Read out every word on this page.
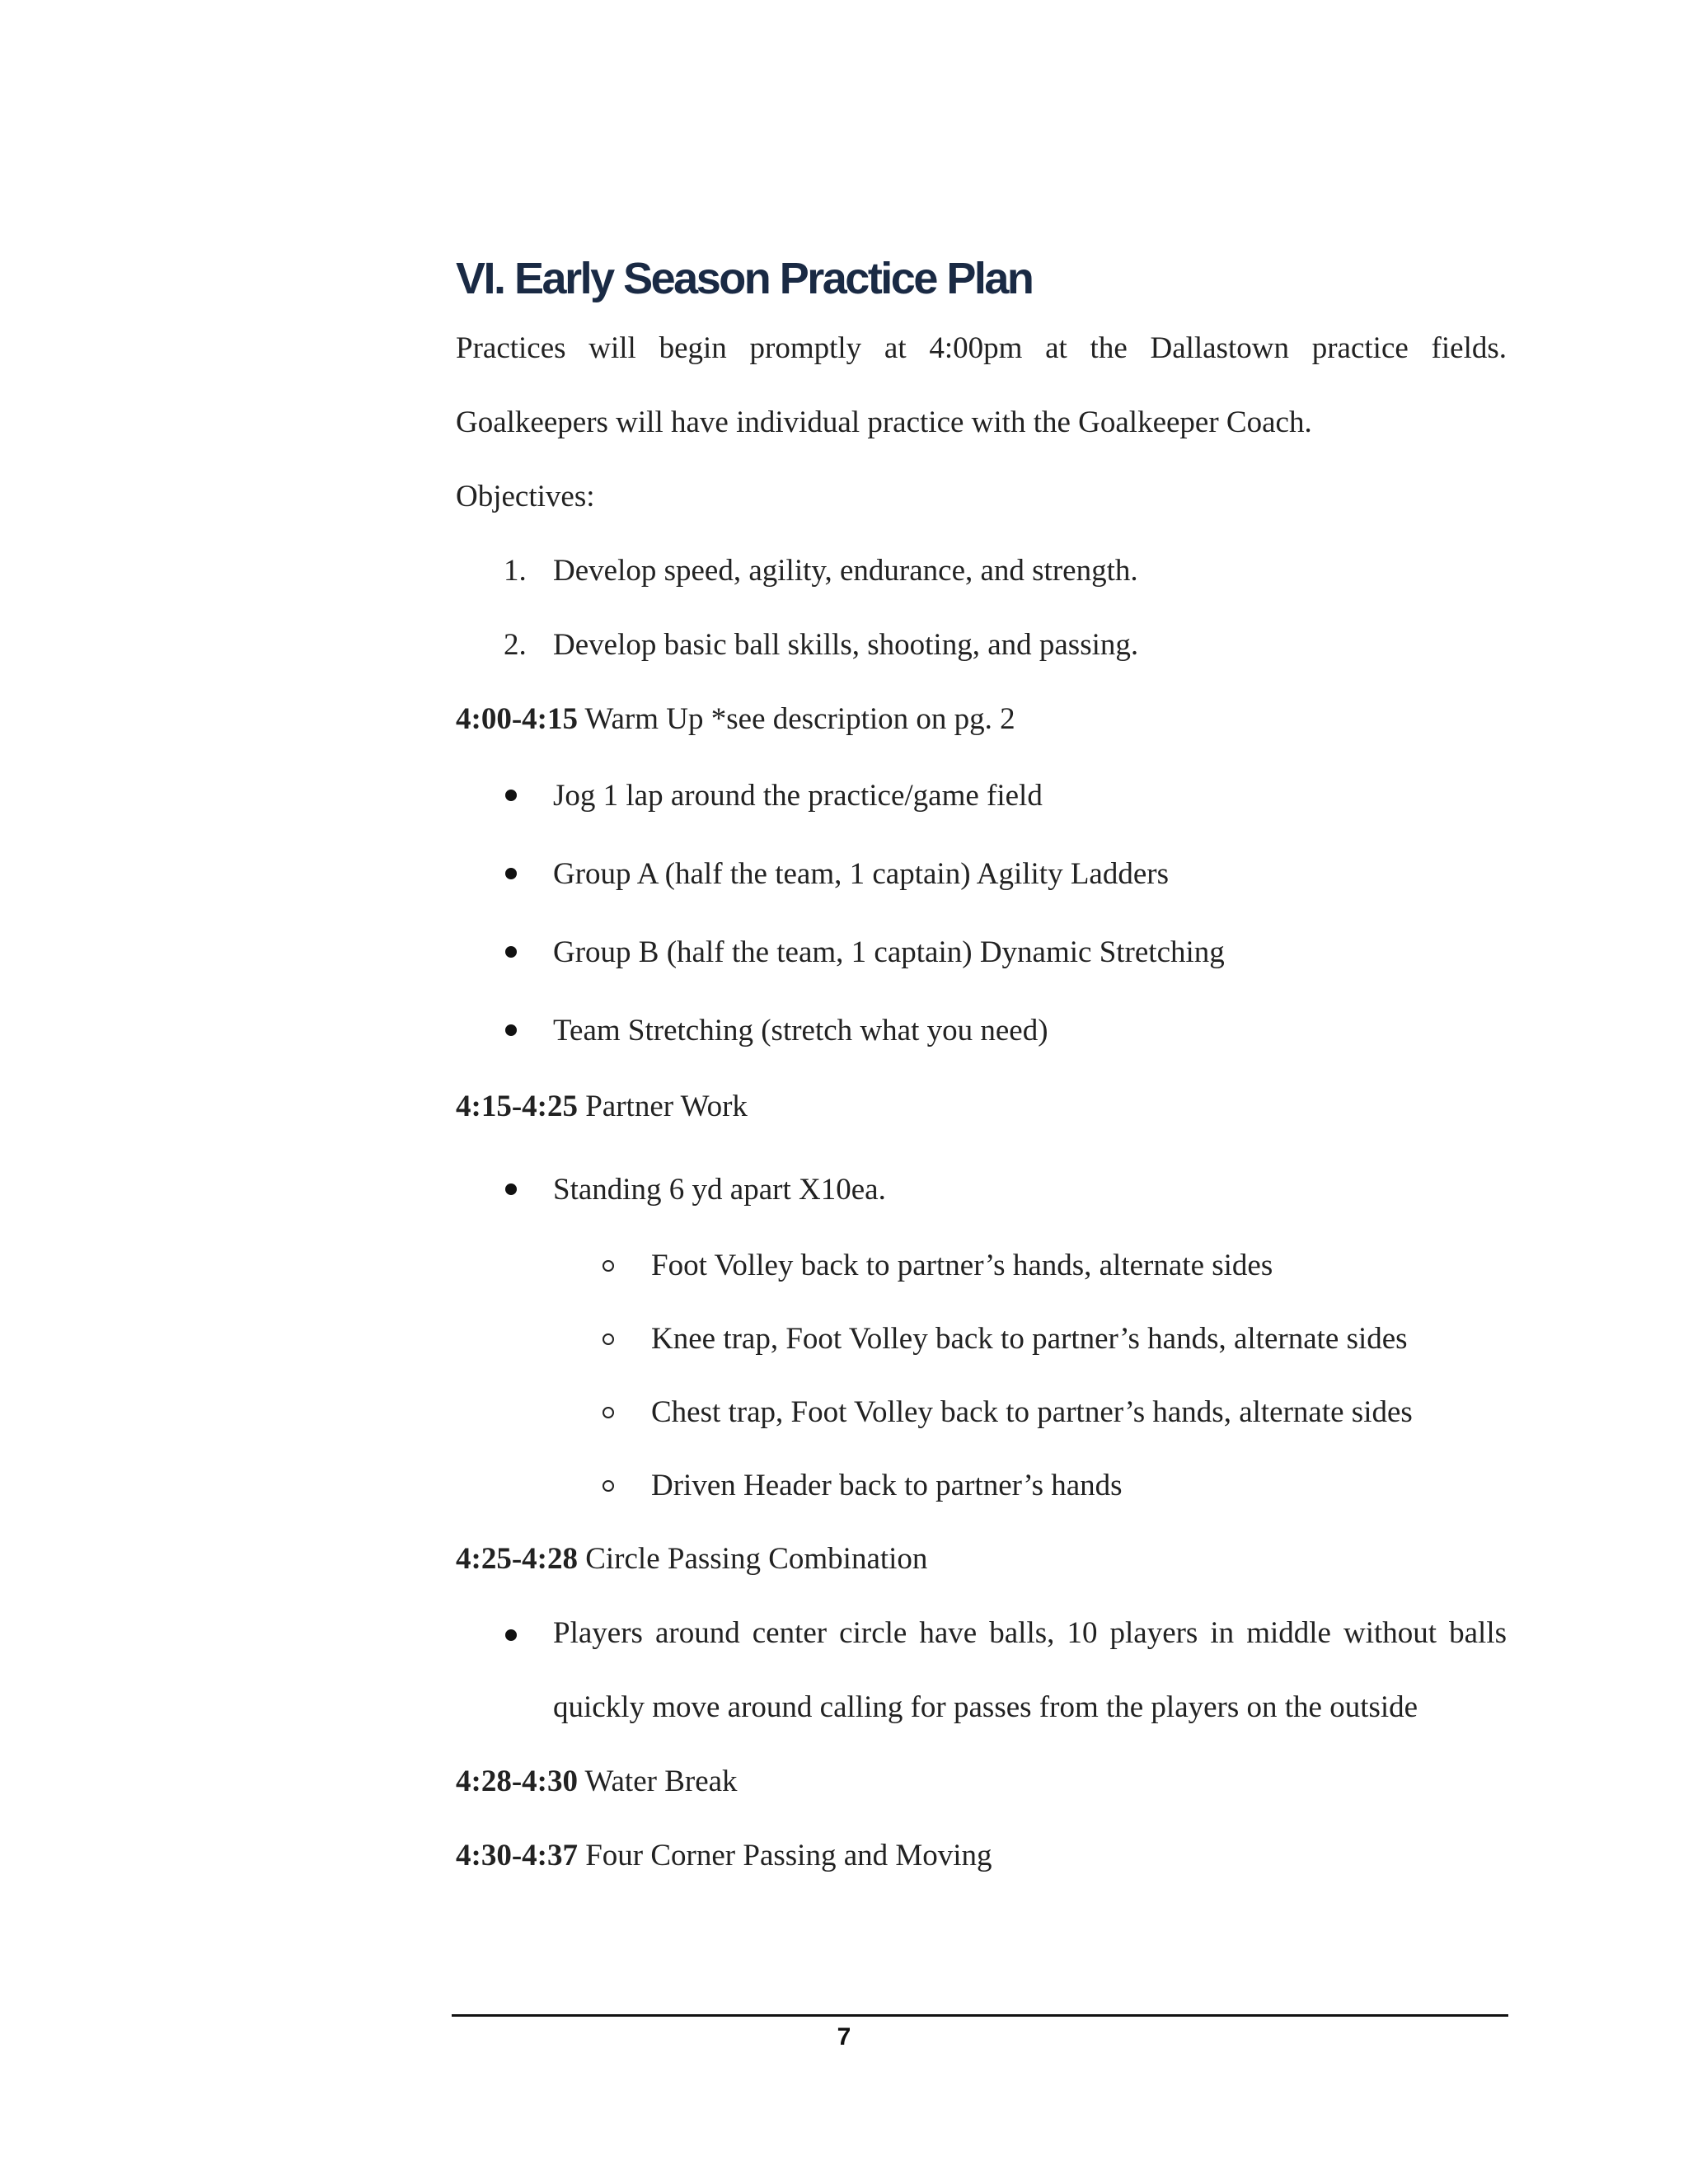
VI. Early Season Practice Plan

Practices will begin promptly at 4:00pm at the Dallastown practice fields. Goalkeepers will have individual practice with the Goalkeeper Coach.

Objectives:

1. Develop speed, agility, endurance, and strength.
2. Develop basic ball skills, shooting, and passing.

4:00-4:15 Warm Up *see description on pg. 2

Jog 1 lap around the practice/game field
Group A (half the team, 1 captain) Agility Ladders
Group B (half the team, 1 captain) Dynamic Stretching
Team Stretching (stretch what you need)

4:15-4:25 Partner Work

Standing 6 yd apart X10ea.
Foot Volley back to partner’s hands, alternate sides
Knee trap, Foot Volley back to partner’s hands, alternate sides
Chest trap, Foot Volley back to partner’s hands, alternate sides
Driven Header back to partner’s hands

4:25-4:28 Circle Passing Combination

Players around center circle have balls, 10 players in middle without balls quickly move around calling for passes from the players on the outside

4:28-4:30 Water Break

4:30-4:37 Four Corner Passing and Moving

7
